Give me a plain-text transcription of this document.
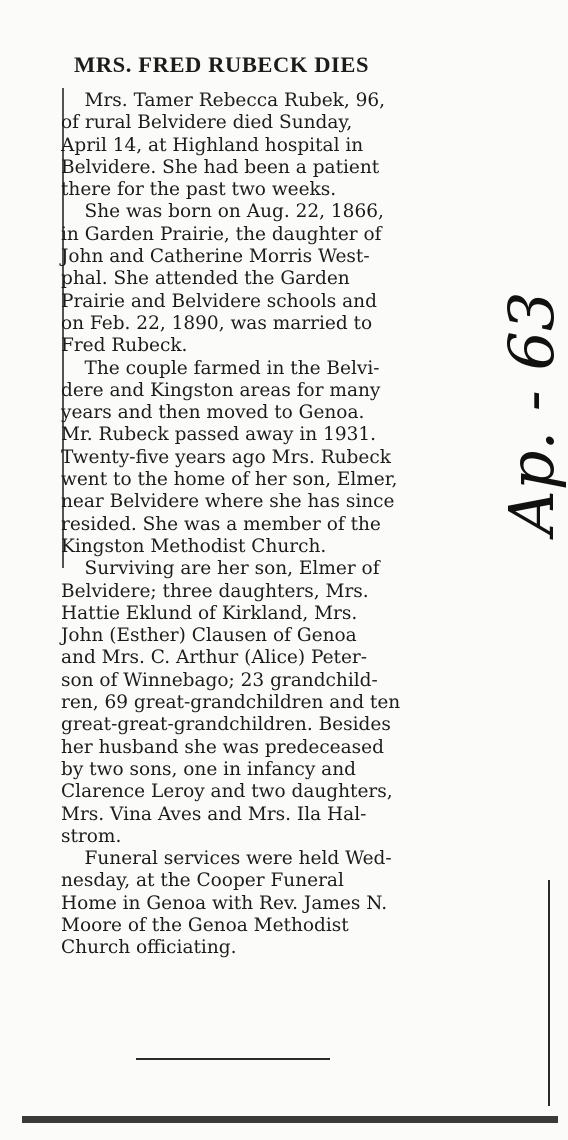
MRS. FRED RUBECK DIES

Mrs. Tamer Rebecca Rubek, 96,
of rural Belvidere died Sunday,
April 14, at Highland hospital in
Belvidere. She had been a patient
there for the past two weeks.

She was born on Aug. 22, 1866,
in Garden Prairie, the daughter of
John and Catherine Morris West-
phal. She attended the Garden
Prairie and Belvidere schools and
on Feb. 22, 1890, was married to
Fred Rubeck.

The couple farmed in the Belvi-
dere and Kingston areas for many
years and then moved to Genoa.
Mr. Rubeck passed away in 1931.
Twenty-five years ago Mrs. Rubeck
went to the home of her son, Elmer,
near Belvidere where she has since
resided. She was a member of the
Kingston Methodist Church.

Surviving are her son, Elmer of
Belvidere; three daughters, Mrs.
Hattie Eklund of Kirkland, Mrs.
John (Esther) Clausen of Genoa
and Mrs. C. Arthur (Alice) Peter-
son of Winnebago; 23 grandchild-
ren, 69 great-grandchildren and ten
great-great-grandchildren. Besides
her husband she was predeceased
by two sons, one in infancy and
Clarence Leroy and two daughters,
Mrs. Vina Aves and Mrs. Ila Hal-
strom.

Funeral services were held Wed-
nesday, at the Cooper Funeral
Home in Genoa with Rev. James N.
Moore of the Genoa Methodist
Church officiating.

Ap. - 63
